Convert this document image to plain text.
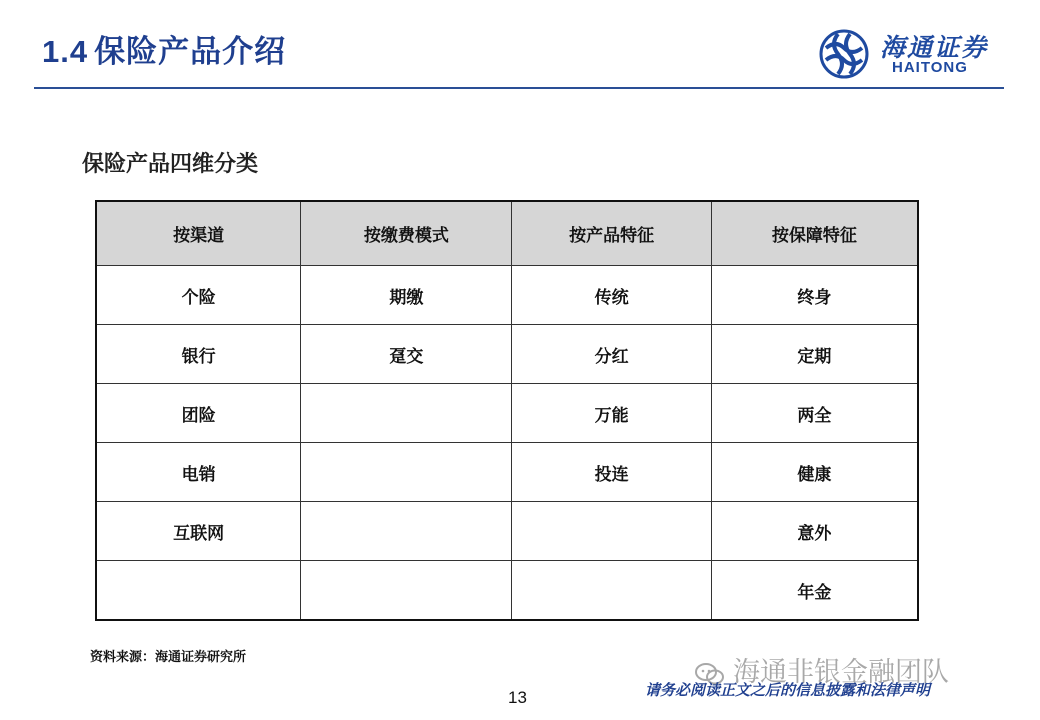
1.4 保险产品介绍	海通证券
HAITONG
保险产品四维分类
按渠道	按缴费模式	按产品特征	按保障特征
个险	期缴	传统	终身
银行	趸交	分红	定期
团险		万能	两全
电销		投连	健康
互联网			意外
			年金
资料来源：海通证券研究所	海通非银金融团队
13	请务必阅读正文之后的信息披露和法律声明
